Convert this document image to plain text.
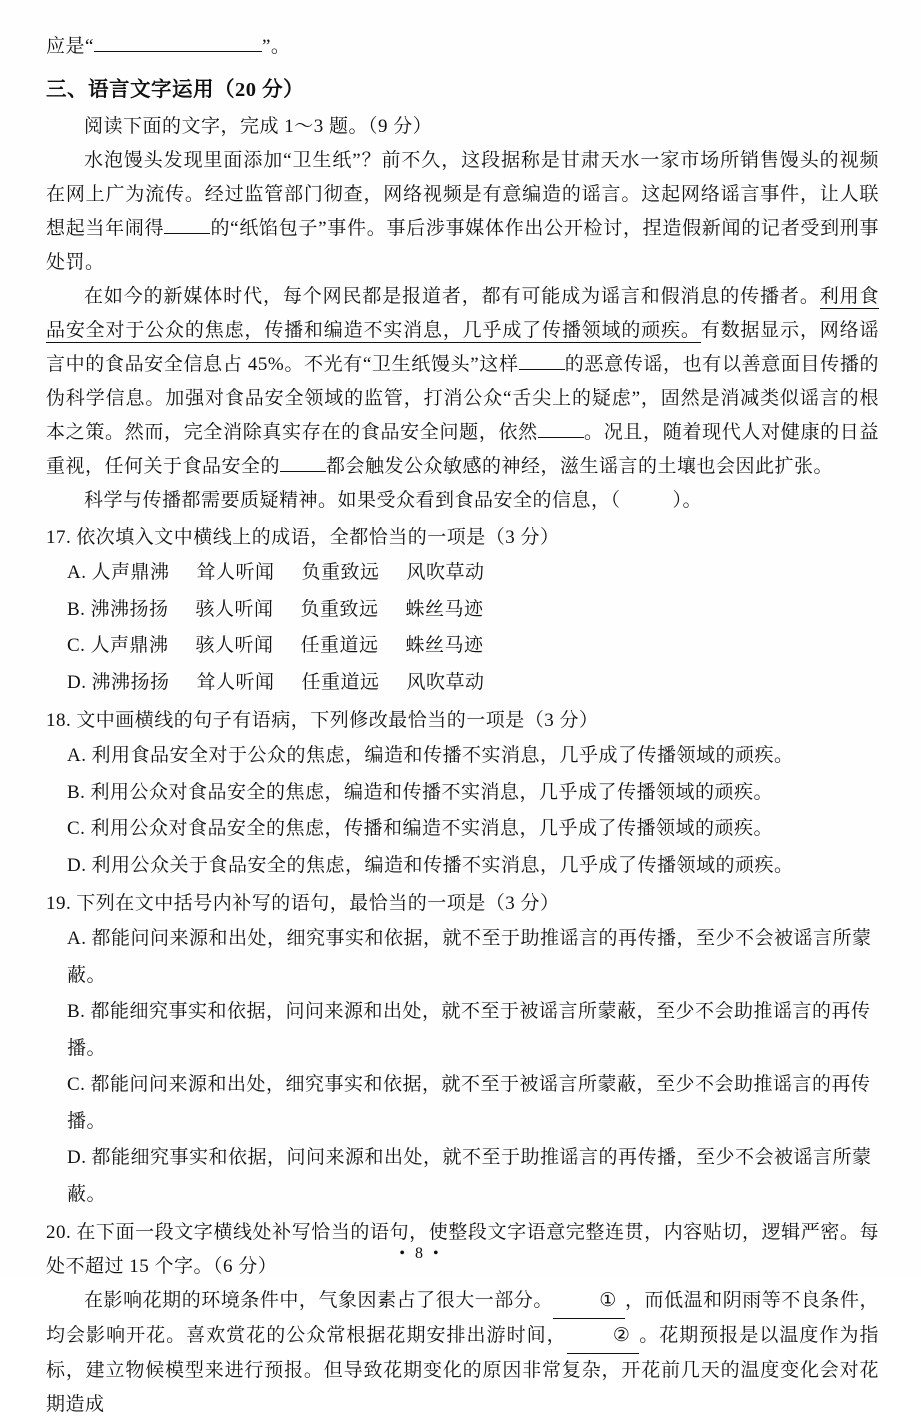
应是“	”。

三、语言文字运用（20 分）

阅读下面的文字，完成 1～3 题。（9 分）

水泡馒头发现里面添加“卫生纸”？前不久，这段据称是甘肃天水一家市场所销售馒头的视频在网上广为流传。经过监管部门彻查，网络视频是有意编造的谣言。这起网络谣言事件，让人联想起当年闹得 的“纸馅包子”事件。事后涉事媒体作出公开检讨，捏造假新闻的记者受到刑事处罚。

在如今的新媒体时代，每个网民都是报道者，都有可能成为谣言和假消息的传播者。利用食品安全对于公众的焦虑，传播和编造不实消息，几乎成了传播领域的顽疾。有数据显示，网络谣言中的食品安全信息占 45%。不光有“卫生纸馒头”这样 的恶意传谣，也有以善意面目传播的伪科学信息。加强对食品安全领域的监管，打消公众“舌尖上的疑虑”，固然是消减类似谣言的根本之策。然而，完全消除真实存在的食品安全问题，依然 。况且，随着现代人对健康的日益重视，任何关于食品安全的 都会触发公众敏感的神经，滋生谣言的土壤也会因此扩张。

科学与传播都需要质疑精神。如果受众看到食品安全的信息，（	）。

17. 依次填入文中横线上的成语，全都恰当的一项是（3 分）

A. 人声鼎沸 耸人听闻 负重致远 风吹草动

B. 沸沸扬扬 骇人听闻 负重致远 蛛丝马迹

C. 人声鼎沸 骇人听闻 任重道远 蛛丝马迹

D. 沸沸扬扬 耸人听闻 任重道远 风吹草动

18. 文中画横线的句子有语病，下列修改最恰当的一项是（3 分）

A. 利用食品安全对于公众的焦虑，编造和传播不实消息，几乎成了传播领域的顽疾。

B. 利用公众对食品安全的焦虑，编造和传播不实消息，几乎成了传播领域的顽疾。

C. 利用公众对食品安全的焦虑，传播和编造不实消息，几乎成了传播领域的顽疾。

D. 利用公众关于食品安全的焦虑，编造和传播不实消息，几乎成了传播领域的顽疾。

19. 下列在文中括号内补写的语句，最恰当的一项是（3 分）

A. 都能问问来源和出处，细究事实和依据，就不至于助推谣言的再传播，至少不会被谣言所蒙蔽。

B. 都能细究事实和依据，问问来源和出处，就不至于被谣言所蒙蔽，至少不会助推谣言的再传播。

C. 都能问问来源和出处，细究事实和依据，就不至于被谣言所蒙蔽，至少不会助推谣言的再传播。

D. 都能细究事实和依据，问问来源和出处，就不至于助推谣言的再传播，至少不会被谣言所蒙蔽。

20. 在下面一段文字横线处补写恰当的语句，使整段文字语意完整连贯，内容贴切，逻辑严密。每处不超过 15 个字。（6 分）

在影响花期的环境条件中，气象因素占了很大一部分。 ① ，而低温和阴雨等不良条件，均会影响开花。喜欢赏花的公众常根据花期安排出游时间， ② 。花期预报是以温度作为指标，建立物候模型来进行预报。但导致花期变化的原因非常复杂，开花前几天的温度变化会对花期造成

• 8 •
